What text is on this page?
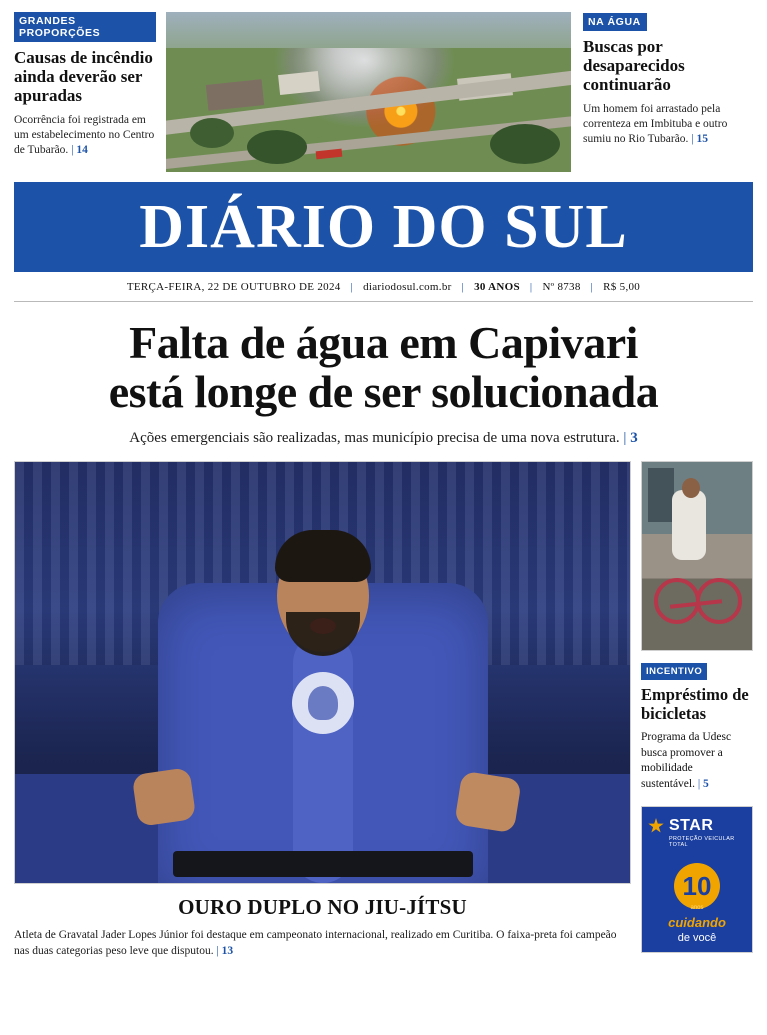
GRANDES PROPORÇÕES
Causas de incêndio ainda deverão ser apuradas

Ocorrência foi registrada em um estabelecimento no Centro de Tubarão. | 14

NA ÁGUA
Buscas por desaparecidos continuarão

Um homem foi arrastado pela correnteza em Imbituba e outro sumiu no Rio Tubarão. | 15

DIÁRIO DO SUL
TERÇA-FEIRA, 22 DE OUTUBRO DE 2024 | diariodosul.com.br | 30 ANOS | Nº 8738 | R$ 5,00
Falta de água em Capivari
está longe de ser solucionada

Ações emergenciais são realizadas, mas município precisa de uma nova estrutura. | 3

OURO DUPLO NO JIU-JÍTSU

Atleta de Gravatal Jader Lopes Júnior foi destaque em campeonato internacional, realizado em Curitiba. O faixa-preta foi campeão nas duas categorias peso leve que disputou. | 13

INCENTIVO
Empréstimo de bicicletas

Programa da Udesc busca promover a mobilidade sustentável. | 5

STAR
PROTEÇÃO VEICULAR TOTAL
10
anos
cuidando
de você
